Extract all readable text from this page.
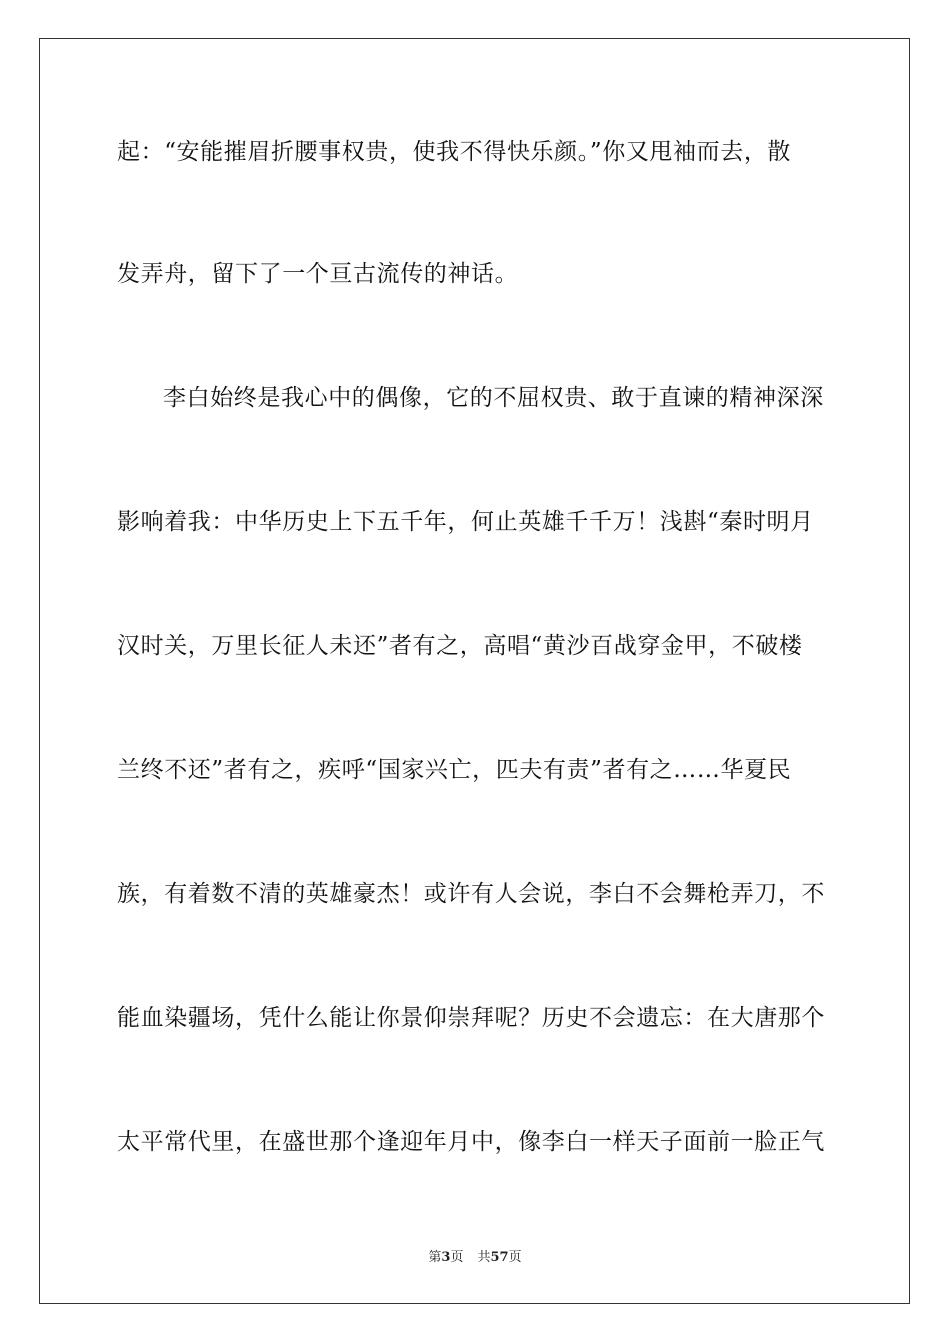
起：“安能摧眉折腰事权贵，使我不得快乐颜。”你又甩袖而去，散
发弄舟，留下了一个亘古流传的神话。
李白始终是我心中的偶像，它的不屈权贵、敢于直谏的精神深深
影响着我：中华历史上下五千年，何止英雄千千万！浅斟“秦时明月
汉时关，万里长征人未还”者有之，高唱“黄沙百战穿金甲，不破楼
兰终不还”者有之，疾呼“国家兴亡，匹夫有责”者有之……华夏民
族，有着数不清的英雄豪杰！或许有人会说，李白不会舞枪弄刀，不
能血染疆场，凭什么能让你景仰崇拜呢？历史不会遗忘：在大唐那个
太平常代里，在盛世那个逢迎年月中，像李白一样天子面前一脸正气
第3页 共57页
